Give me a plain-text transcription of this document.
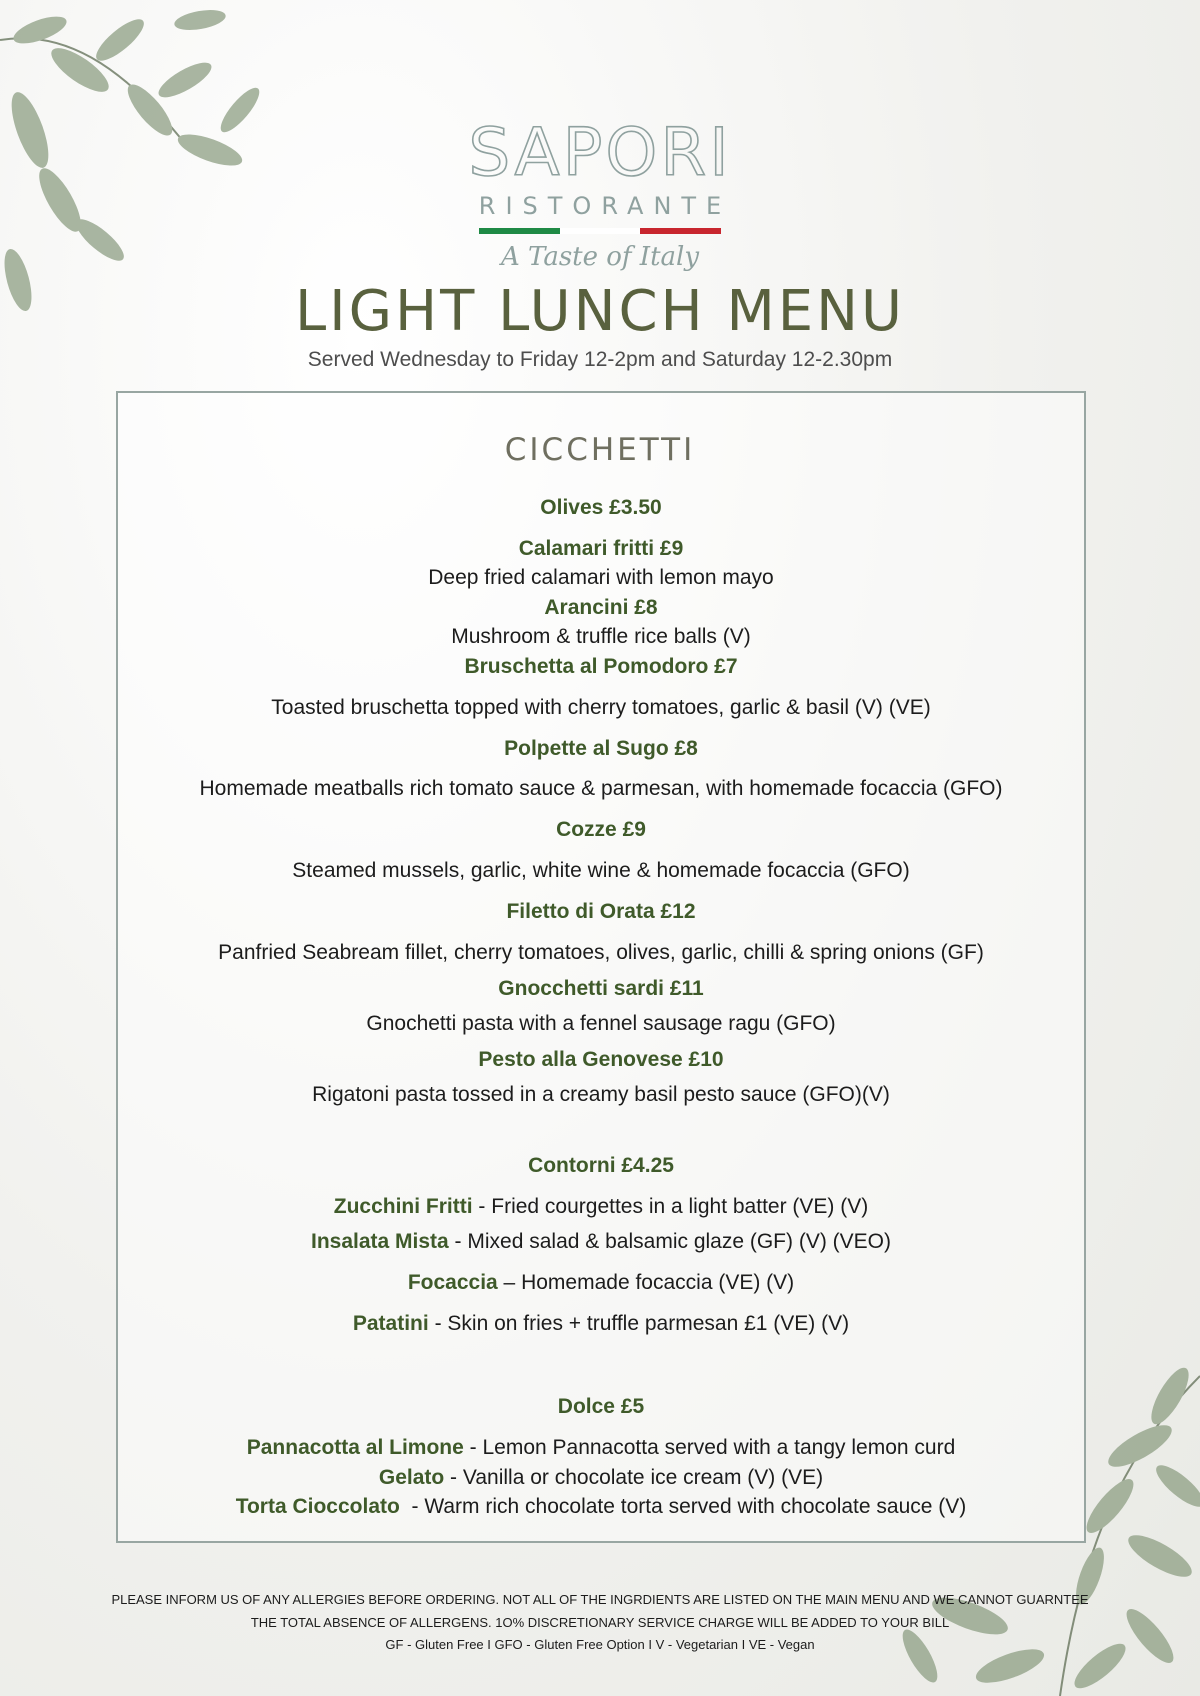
SAPORI
RISTORANTE
A Taste of Italy
LIGHT LUNCH MENU
Served Wednesday to Friday 12-2pm and Saturday 12-2.30pm
CICCHETTI
Olives £3.50
Calamari fritti £9
Deep fried calamari with lemon mayo
Arancini £8
Mushroom & truffle rice balls (V)
Bruschetta al Pomodoro £7
Toasted bruschetta topped with cherry tomatoes, garlic & basil (V) (VE)
Polpette al Sugo £8
Homemade meatballs rich tomato sauce & parmesan, with homemade focaccia (GFO)
Cozze £9
Steamed mussels, garlic, white wine & homemade focaccia (GFO)
Filetto di Orata £12
Panfried Seabream fillet, cherry tomatoes, olives, garlic, chilli & spring onions (GF)
Gnocchetti sardi £11
Gnochetti pasta with a fennel sausage ragu (GFO)
Pesto alla Genovese £10
Rigatoni pasta tossed in a creamy basil pesto sauce (GFO)(V)
Contorni £4.25
Zucchini Fritti - Fried courgettes in a light batter (VE) (V)
Insalata Mista - Mixed salad & balsamic glaze (GF) (V) (VEO)
Focaccia – Homemade focaccia (VE) (V)
Patatini - Skin on fries + truffle parmesan £1 (VE) (V)
Dolce £5
Pannacotta al Limone - Lemon Pannacotta served with a tangy lemon curd
Gelato - Vanilla or chocolate ice cream (V) (VE)
Torta Cioccolato  - Warm rich chocolate torta served with chocolate sauce (V)
PLEASE INFORM US OF ANY ALLERGIES BEFORE ORDERING. NOT ALL OF THE INGRDIENTS ARE LISTED ON THE MAIN MENU AND WE CANNOT GUARNTEE
THE TOTAL ABSENCE OF ALLERGENS. 1O% DISCRETIONARY SERVICE CHARGE WILL BE ADDED TO YOUR BILL
GF - Gluten Free I GFO - Gluten Free Option I V - Vegetarian I VE - Vegan
